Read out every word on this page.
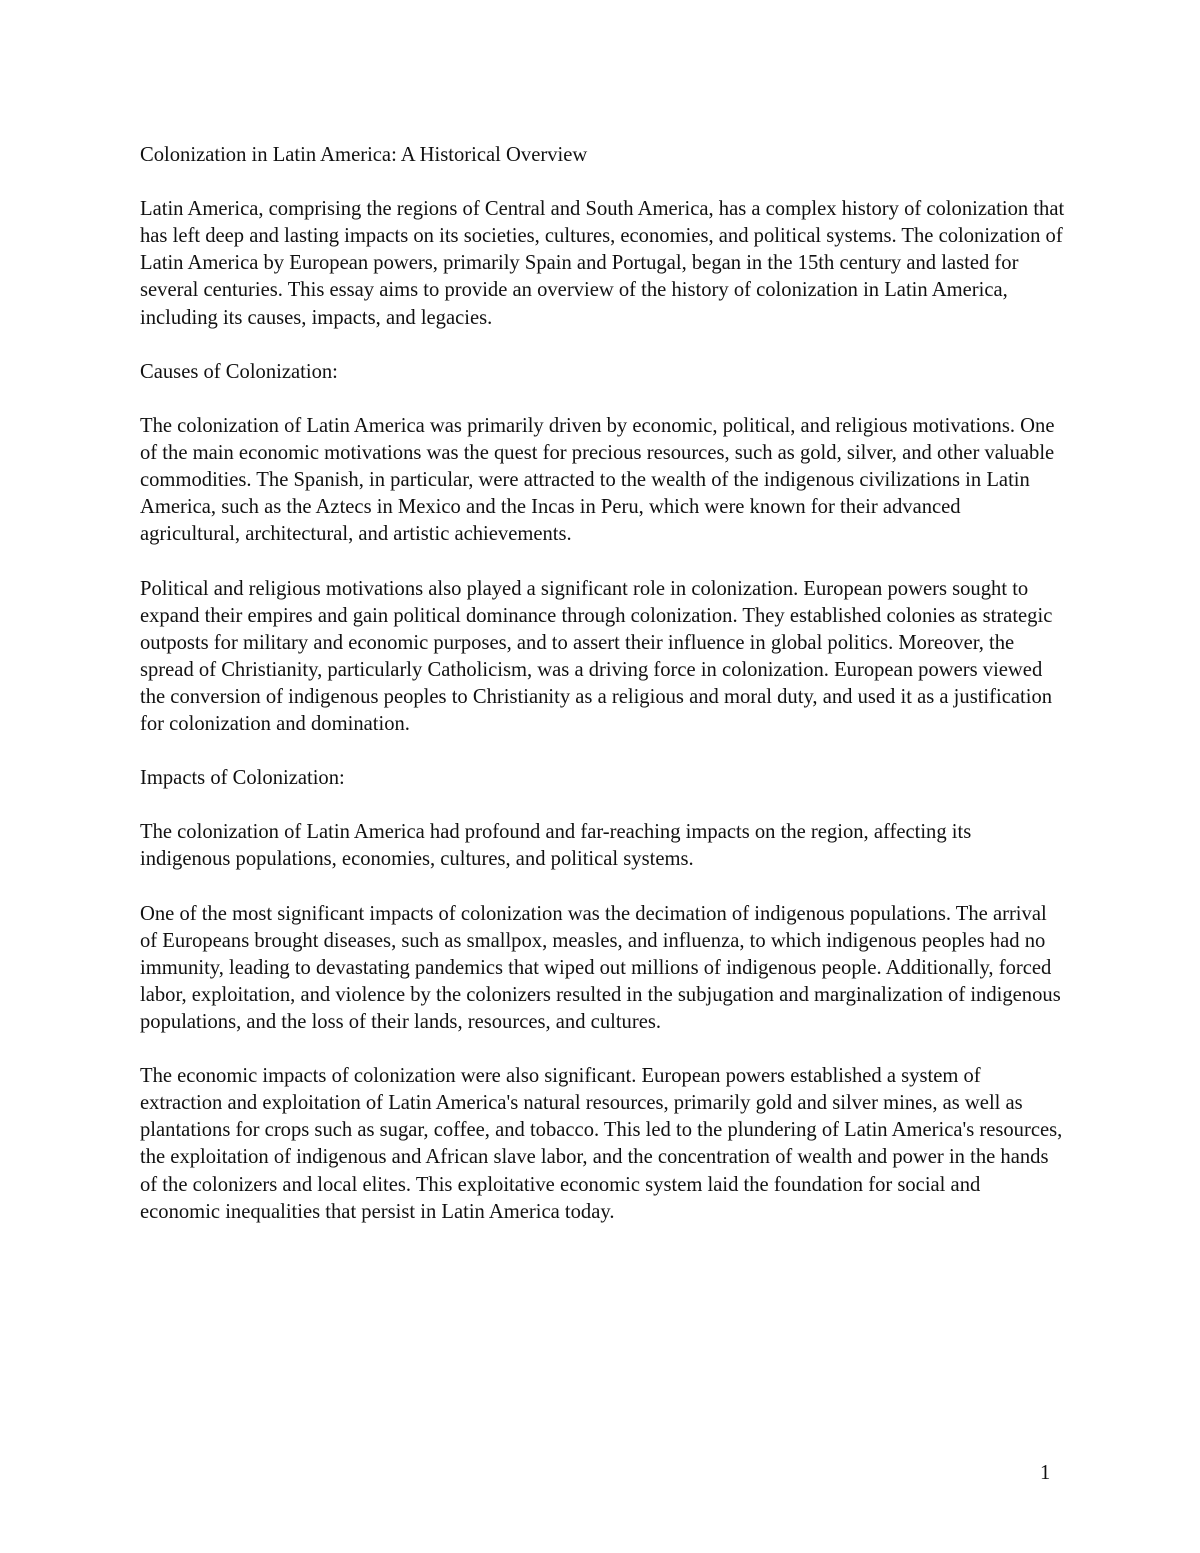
Colonization in Latin America: A Historical Overview

Latin America, comprising the regions of Central and South America, has a complex history of colonization that has left deep and lasting impacts on its societies, cultures, economies, and political systems. The colonization of Latin America by European powers, primarily Spain and Portugal, began in the 15th century and lasted for several centuries. This essay aims to provide an overview of the history of colonization in Latin America, including its causes, impacts, and legacies.

Causes of Colonization:

The colonization of Latin America was primarily driven by economic, political, and religious motivations. One of the main economic motivations was the quest for precious resources, such as gold, silver, and other valuable commodities. The Spanish, in particular, were attracted to the wealth of the indigenous civilizations in Latin America, such as the Aztecs in Mexico and the Incas in Peru, which were known for their advanced agricultural, architectural, and artistic achievements.

Political and religious motivations also played a significant role in colonization. European powers sought to expand their empires and gain political dominance through colonization. They established colonies as strategic outposts for military and economic purposes, and to assert their influence in global politics. Moreover, the spread of Christianity, particularly Catholicism, was a driving force in colonization. European powers viewed the conversion of indigenous peoples to Christianity as a religious and moral duty, and used it as a justification for colonization and domination.

Impacts of Colonization:

The colonization of Latin America had profound and far-reaching impacts on the region, affecting its indigenous populations, economies, cultures, and political systems.

One of the most significant impacts of colonization was the decimation of indigenous populations. The arrival of Europeans brought diseases, such as smallpox, measles, and influenza, to which indigenous peoples had no immunity, leading to devastating pandemics that wiped out millions of indigenous people. Additionally, forced labor, exploitation, and violence by the colonizers resulted in the subjugation and marginalization of indigenous populations, and the loss of their lands, resources, and cultures.

The economic impacts of colonization were also significant. European powers established a system of extraction and exploitation of Latin America's natural resources, primarily gold and silver mines, as well as plantations for crops such as sugar, coffee, and tobacco. This led to the plundering of Latin America's resources, the exploitation of indigenous and African slave labor, and the concentration of wealth and power in the hands of the colonizers and local elites. This exploitative economic system laid the foundation for social and economic inequalities that persist in Latin America today.

1
